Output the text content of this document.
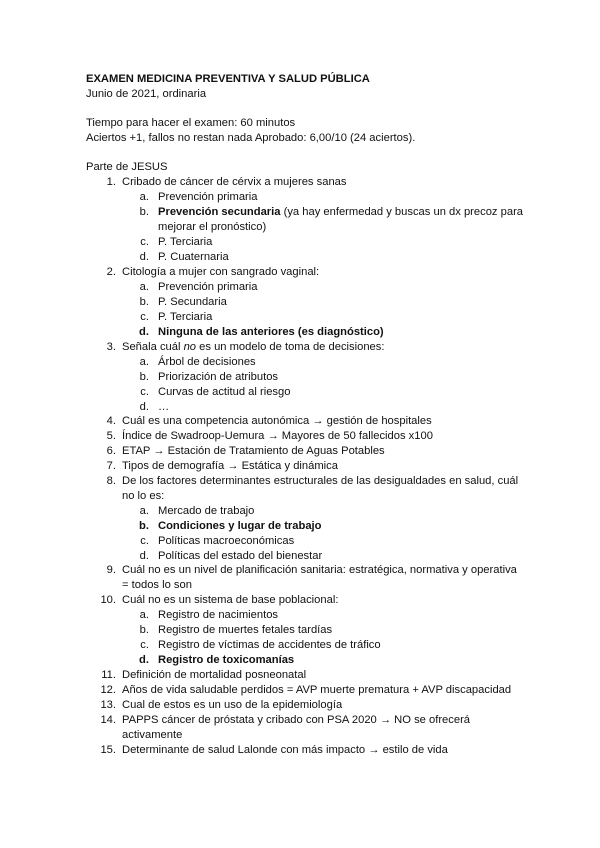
EXAMEN MEDICINA PREVENTIVA Y SALUD PÚBLICA
Junio de 2021, ordinaria
Tiempo para hacer el examen: 60 minutos
Aciertos +1, fallos no restan nada Aprobado: 6,00/10 (24 aciertos).
Parte de JESUS
1. Cribado de cáncer de cérvix a mujeres sanas
a. Prevención primaria
b. Prevención secundaria (ya hay enfermedad y buscas un dx precoz para
mejorar el pronóstico)
c. P. Terciaria
d. P. Cuaternaria
2. Citología a mujer con sangrado vaginal:
a. Prevención primaria
b. P. Secundaria
c. P. Terciaria
d. Ninguna de las anteriores (es diagnóstico)
3. Señala cuál no es un modelo de toma de decisiones:
a. Árbol de decisiones
b. Priorización de atributos
c. Curvas de actitud al riesgo
d. …
4. Cuál es una competencia autonómica → gestión de hospitales
5. Índice de Swadroop-Uemura → Mayores de 50 fallecidos x100
6. ETAP → Estación de Tratamiento de Aguas Potables
7. Tipos de demografía → Estática y dinámica
8. De los factores determinantes estructurales de las desigualdades en salud, cuál
no lo es:
a. Mercado de trabajo
b. Condiciones y lugar de trabajo
c. Políticas macroeconómicas
d. Políticas del estado del bienestar
9. Cuál no es un nivel de planificación sanitaria: estratégica, normativa y operativa
= todos lo son
10. Cuál no es un sistema de base poblacional:
a. Registro de nacimientos
b. Registro de muertes fetales tardías
c. Registro de víctimas de accidentes de tráfico
d. Registro de toxicomanías
11. Definición de mortalidad posneonatal
12. Años de vida saludable perdidos = AVP muerte prematura + AVP discapacidad
13. Cual de estos es un uso de la epidemiología
14. PAPPS cáncer de próstata y cribado con PSA 2020 → NO se ofrecerá
activamente
15. Determinante de salud Lalonde con más impacto → estilo de vida
